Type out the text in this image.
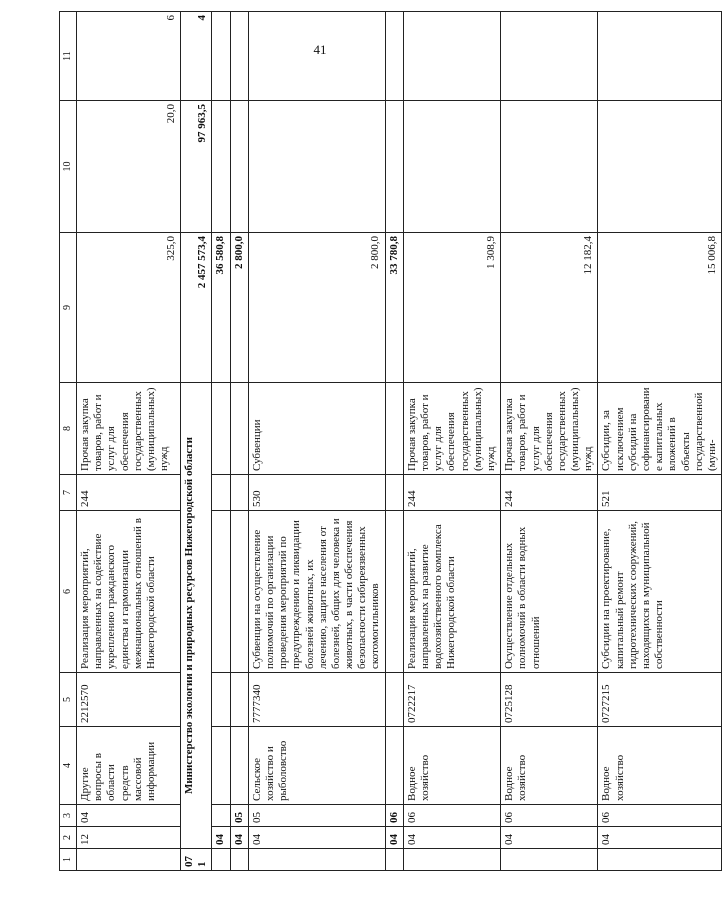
41
1	2	3	4	5	6	7	8	9	10	11
	12	04	Другие вопросы в области средств массовой информации	2212570	Реализация мероприятий, направленных на содействие укреплению гражданского единства и гармонизации межнациональных отношений в Нижегородской области	244	Прочая закупка товаров, работ и услуг для обеспечения государственных (муниципальных) нужд	325,0	20,0	6
071	Министерство экологии и природных ресурсов Нижегородской области							2 457 573,4	97 963,5	4
	04							36 580,8		
	04	05						2 800,0		
	04	05	Сельское хозяйство и рыболовство	7777340	Субвенции на осуществление полномочий по организации проведения мероприятий по предупреждению и ликвидации болезней животных, их лечению, защите населения от болезней, общих для человека и животных, в части обеспечения безопасности сибиреязвенных скотомогильников	530	Субвенции	2 800,0		
	04	06						33 780,8		
	04	06	Водное хозяйство	0722217	Реализация мероприятий, направленных на развитие водохозяйственного комплекса Нижегородской области	244	Прочая закупка товаров, работ и услуг для обеспечения государственных (муниципальных) нужд	1 308,9		
	04	06	Водное хозяйство	0725128	Осуществление отдельных полномочий в области водных отношений	244	Прочая закупка товаров, работ и услуг для обеспечения государственных (муниципальных) нужд	12 182,4		
	04	06	Водное хозяйство	0727215	Субсидии на проектирование, капитальный ремонт гидротехнических сооружений, находящихся в муниципальной собственности	521	Субсидии, за исключением субсидий на софинансирование капитальных вложений в объекты государственной (муни-	15 006,8		
